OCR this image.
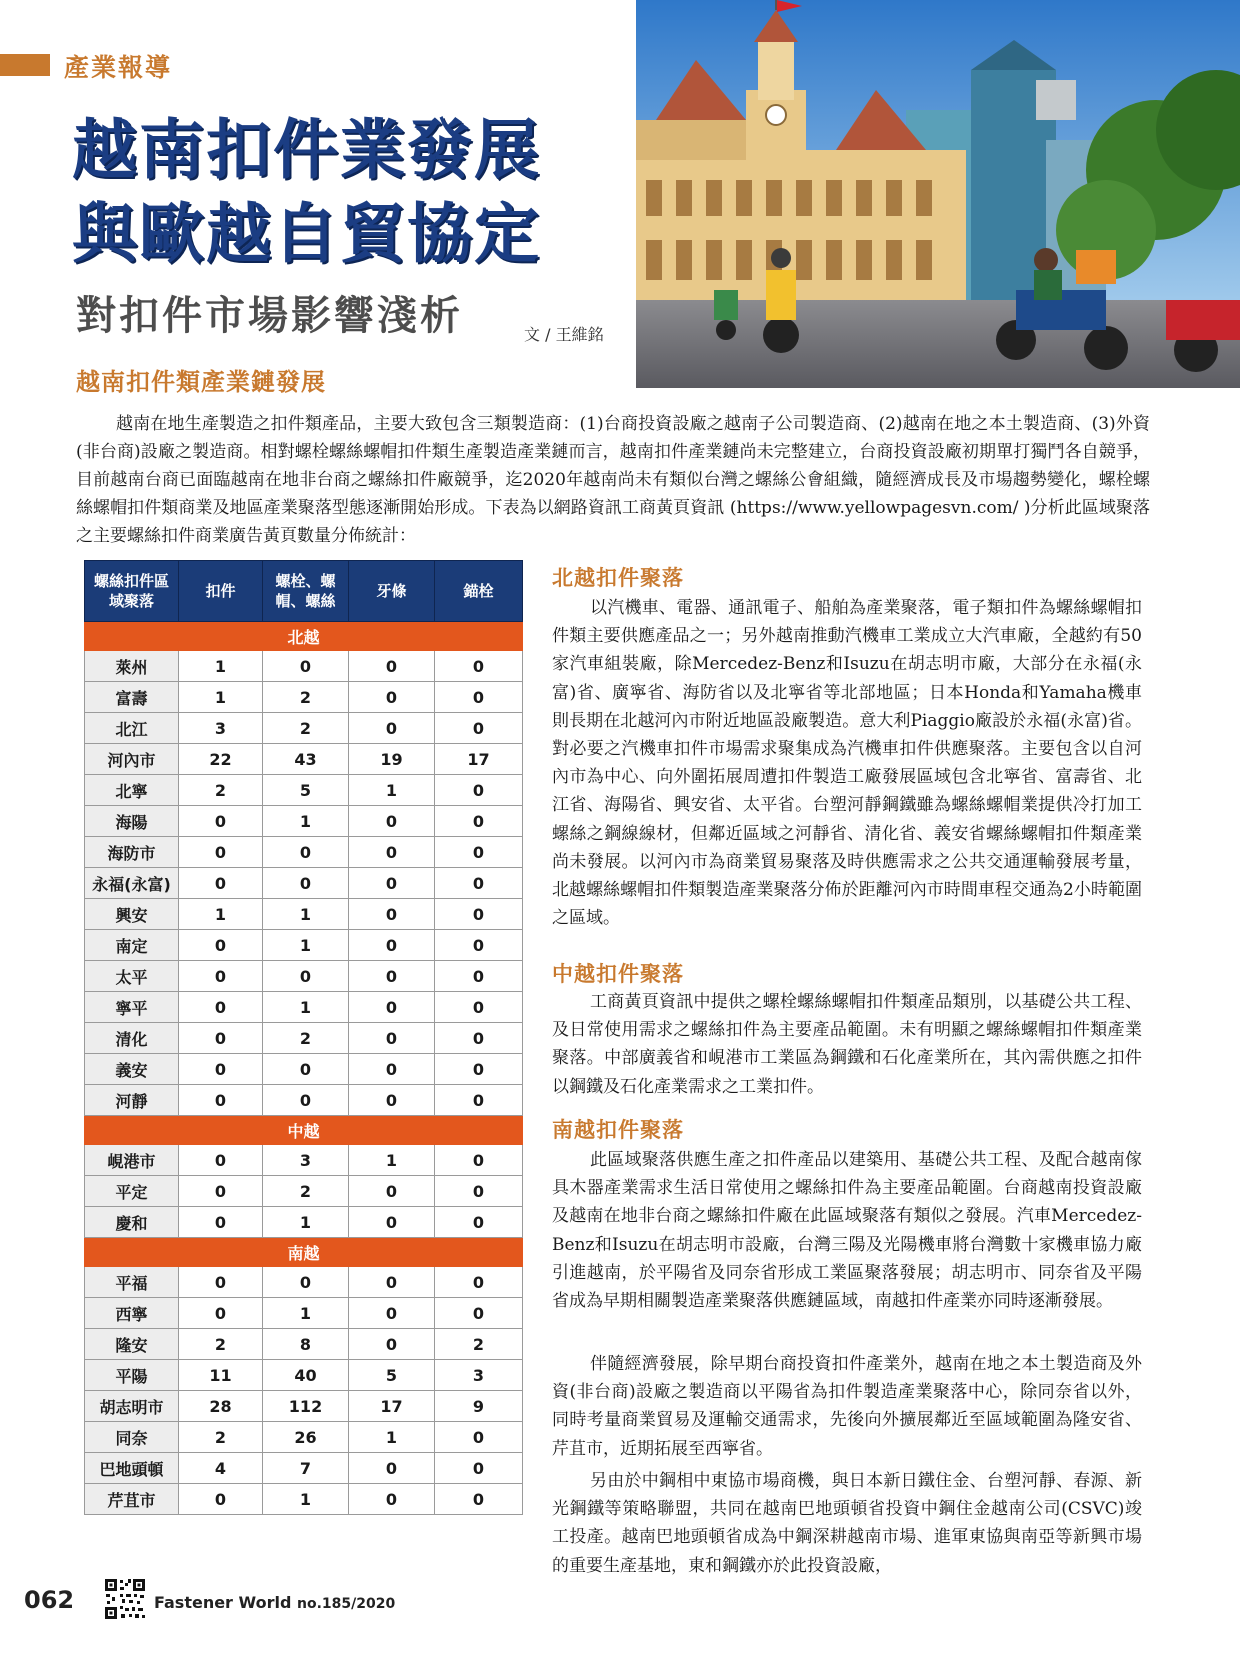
產業報導
越南扣件業發展
與歐越自貿協定
對扣件市場影響淺析	文 / 王維銘
越南扣件類產業鏈發展

越南在地生產製造之扣件類產品，主要大致包含三類製造商：(1)台商投資設廠之越南子公司製造商、(2)越南在地之本土製造商、(3)外資(非台商)設廠之製造商。相對螺栓螺絲螺帽扣件類生產製造產業鏈而言，越南扣件產業鏈尚未完整建立，台商投資設廠初期單打獨鬥各自競爭，目前越南台商已面臨越南在地非台商之螺絲扣件廠競爭，迄2020年越南尚未有類似台灣之螺絲公會組織，隨經濟成長及市場趨勢變化，螺栓螺絲螺帽扣件類商業及地區產業聚落型態逐漸開始形成。下表為以網路資訊工商黃頁資訊 (https://www.yellowpagesvn.com/ )分析此區域聚落之主要螺絲扣件商業廣告黃頁數量分佈統計：

螺絲扣件區域聚落	扣件	螺栓、螺帽、螺絲	牙條	錨栓
北越				
萊州	1	0	0	0
富壽	1	2	0	0
北江	3	2	0	0
河內市	22	43	19	17
北寧	2	5	1	0
海陽	0	1	0	0
海防市	0	0	0	0
永福(永富)	0	0	0	0
興安	1	1	0	0
南定	0	1	0	0
太平	0	0	0	0
寧平	0	1	0	0
清化	0	2	0	0
義安	0	0	0	0
河靜	0	0	0	0
中越				
峴港市	0	3	1	0
平定	0	2	0	0
慶和	0	1	0	0
南越				
平福	0	0	0	0
西寧	0	1	0	0
隆安	2	8	0	2
平陽	11	40	5	3
胡志明市	28	112	17	9
同奈	2	26	1	0
巴地頭頓	4	7	0	0
芹苴市	0	1	0	0
北越扣件聚落

以汽機車、電器、通訊電子、船舶為產業聚落，電子類扣件為螺絲螺帽扣件類主要供應產品之一；另外越南推動汽機車工業成立大汽車廠，全越約有50家汽車組裝廠，除Mercedez-Benz和Isuzu在胡志明市廠，大部分在永福(永富)省、廣寧省、海防省以及北寧省等北部地區；日本Honda和Yamaha機車則長期在北越河內市附近地區設廠製造。意大利Piaggio廠設於永福(永富)省。對必要之汽機車扣件市場需求聚集成為汽機車扣件供應聚落。主要包含以自河內市為中心、向外圍拓展周遭扣件製造工廠發展區域包含北寧省、富壽省、北江省、海陽省、興安省、太平省。台塑河靜鋼鐵雖為螺絲螺帽業提供冷打加工螺絲之鋼線線材，但鄰近區域之河靜省、清化省、義安省螺絲螺帽扣件類產業尚未發展。以河內市為商業貿易聚落及時供應需求之公共交通運輸發展考量，北越螺絲螺帽扣件類製造產業聚落分佈於距離河內市時間車程交通為2小時範圍之區域。

中越扣件聚落

工商黃頁資訊中提供之螺栓螺絲螺帽扣件類產品類別，以基礎公共工程、及日常使用需求之螺絲扣件為主要產品範圍。未有明顯之螺絲螺帽扣件類產業聚落。中部廣義省和峴港市工業區為鋼鐵和石化產業所在，其內需供應之扣件以鋼鐵及石化產業需求之工業扣件。

南越扣件聚落

此區域聚落供應生產之扣件產品以建築用、基礎公共工程、及配合越南傢具木器產業需求生活日常使用之螺絲扣件為主要產品範圍。台商越南投資設廠及越南在地非台商之螺絲扣件廠在此區域聚落有類似之發展。汽車Mercedez-Benz和Isuzu在胡志明市設廠，台灣三陽及光陽機車將台灣數十家機車協力廠引進越南，於平陽省及同奈省形成工業區聚落發展；胡志明市、同奈省及平陽省成為早期相關製造產業聚落供應鏈區域，南越扣件產業亦同時逐漸發展。

伴隨經濟發展，除早期台商投資扣件產業外，越南在地之本土製造商及外資(非台商)設廠之製造商以平陽省為扣件製造產業聚落中心，除同奈省以外，同時考量商業貿易及運輸交通需求，先後向外擴展鄰近至區域範圍為隆安省、芹苴市，近期拓展至西寧省。

另由於中鋼相中東協市場商機，與日本新日鐵住金、台塑河靜、春源、新光鋼鐵等策略聯盟，共同在越南巴地頭頓省投資中鋼住金越南公司(CSVC)竣工投產。越南巴地頭頓省成為中鋼深耕越南市場、進軍東協與南亞等新興市場的重要生產基地，東和鋼鐵亦於此投資設廠，

062	Fastener World no.185/2020
